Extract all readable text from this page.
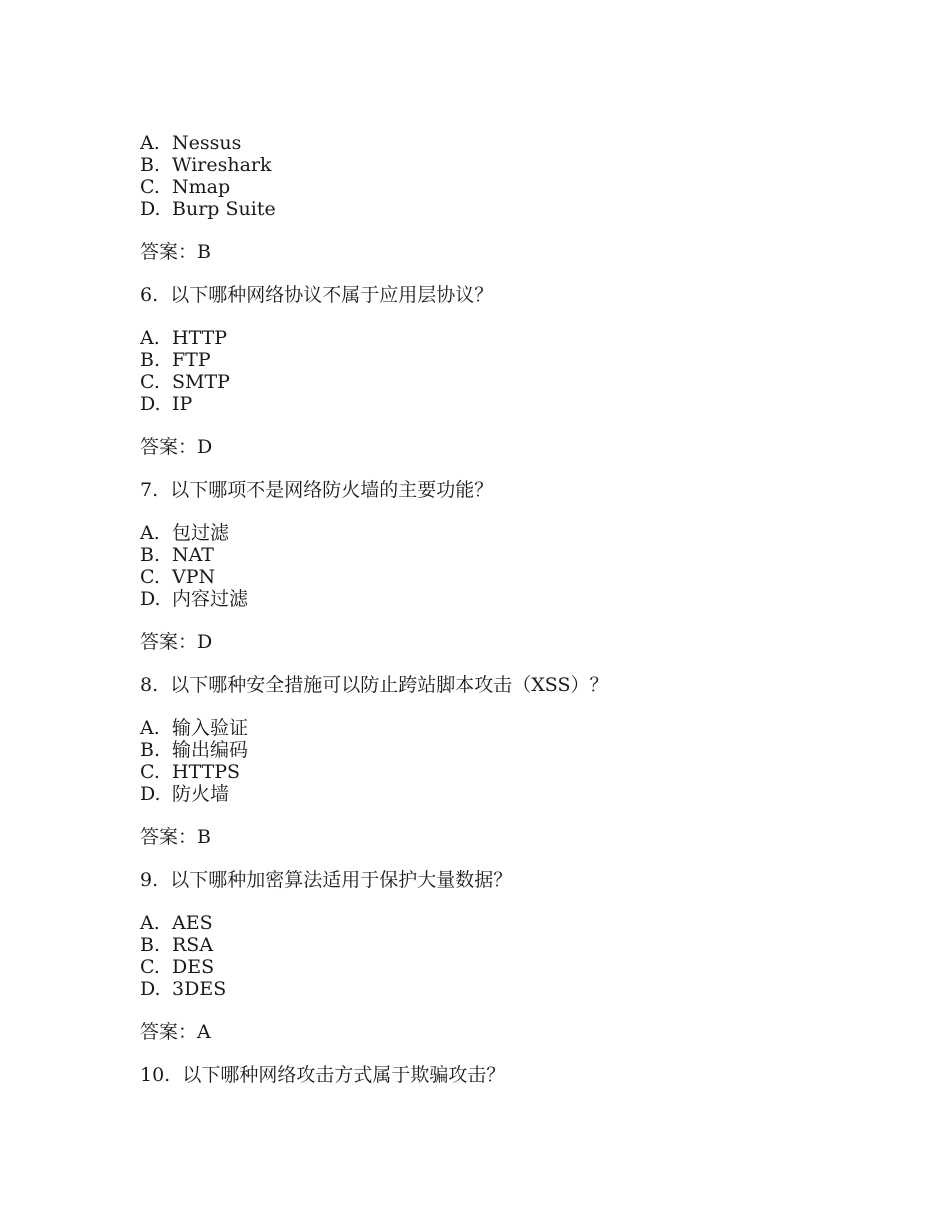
A. Nessus
B. Wireshark
C. Nmap
D. Burp Suite
答案：B
6. 以下哪种网络协议不属于应用层协议？
A. HTTP
B. FTP
C. SMTP
D. IP
答案：D
7. 以下哪项不是网络防火墙的主要功能？
A. 包过滤
B. NAT
C. VPN
D. 内容过滤
答案：D
8. 以下哪种安全措施可以防止跨站脚本攻击（XSS）？
A. 输入验证
B. 输出编码
C. HTTPS
D. 防火墙
答案：B
9. 以下哪种加密算法适用于保护大量数据？
A. AES
B. RSA
C. DES
D. 3DES
答案：A
10. 以下哪种网络攻击方式属于欺骗攻击？
